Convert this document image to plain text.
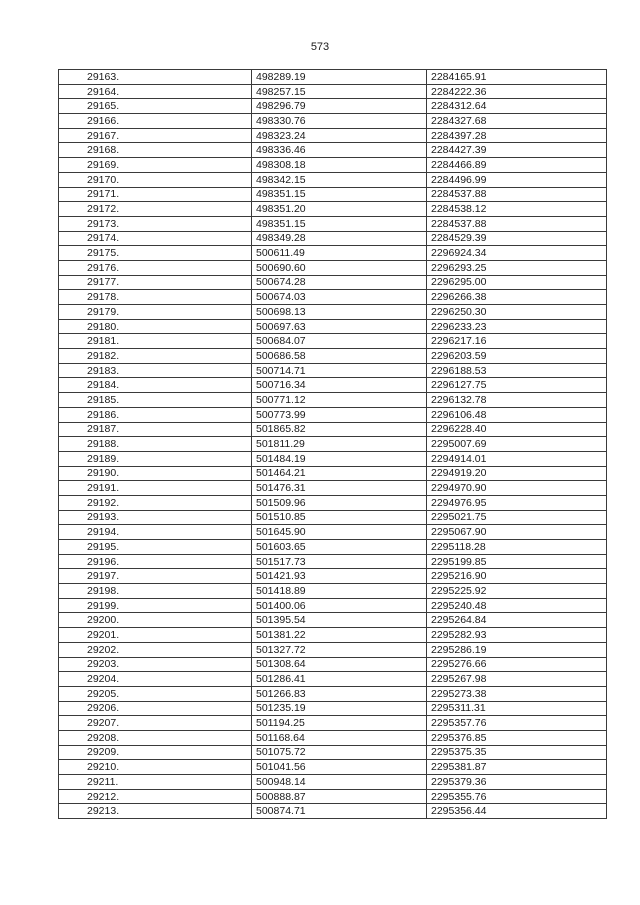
573
29163.	498289.19	2284165.91
29164.	498257.15	2284222.36
29165.	498296.79	2284312.64
29166.	498330.76	2284327.68
29167.	498323.24	2284397.28
29168.	498336.46	2284427.39
29169.	498308.18	2284466.89
29170.	498342.15	2284496.99
29171.	498351.15	2284537.88
29172.	498351.20	2284538.12
29173.	498351.15	2284537.88
29174.	498349.28	2284529.39
29175.	500611.49	2296924.34
29176.	500690.60	2296293.25
29177.	500674.28	2296295.00
29178.	500674.03	2296266.38
29179.	500698.13	2296250.30
29180.	500697.63	2296233.23
29181.	500684.07	2296217.16
29182.	500686.58	2296203.59
29183.	500714.71	2296188.53
29184.	500716.34	2296127.75
29185.	500771.12	2296132.78
29186.	500773.99	2296106.48
29187.	501865.82	2296228.40
29188.	501811.29	2295007.69
29189.	501484.19	2294914.01
29190.	501464.21	2294919.20
29191.	501476.31	2294970.90
29192.	501509.96	2294976.95
29193.	501510.85	2295021.75
29194.	501645.90	2295067.90
29195.	501603.65	2295118.28
29196.	501517.73	2295199.85
29197.	501421.93	2295216.90
29198.	501418.89	2295225.92
29199.	501400.06	2295240.48
29200.	501395.54	2295264.84
29201.	501381.22	2295282.93
29202.	501327.72	2295286.19
29203.	501308.64	2295276.66
29204.	501286.41	2295267.98
29205.	501266.83	2295273.38
29206.	501235.19	2295311.31
29207.	501194.25	2295357.76
29208.	501168.64	2295376.85
29209.	501075.72	2295375.35
29210.	501041.56	2295381.87
29211.	500948.14	2295379.36
29212.	500888.87	2295355.76
29213.	500874.71	2295356.44
